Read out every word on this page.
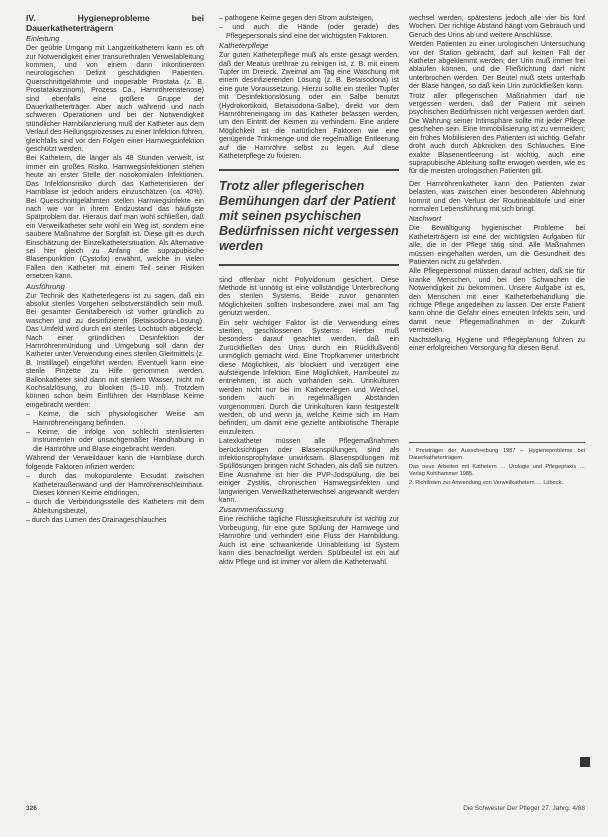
IV. Hygieneprobleme bei Dauerkatheterträgern

Einleitung

Der geübte Umgang mit Langzeitkathetern kann es oft zur Notwendigkeit einer transurethralen Verweilableitung kommen, und von einem dann inkontinenten neurologischen Defizit geschädigten Patienten. Querschnittgelähmte und inoperable Prostata (z. B. Prostatakarzinom), Prozess Ca., Harnröhrenstenose) sind ebenfalls eine größere Gruppe der Dauerkatheterträger. Aber auch während und nach schweren Operationen und bei der Notwendigkeit stündlicher Harnbilanzierung muß der Katheter aus dem Verlauf des Heilungsprozesses zu einer Infektion führen, gleichfalls sind vor den Folgen einer Harnwegsinfektion geschützt werden.

Bei Kathetern, die länger als 48 Stunden verweilt, ist immer ein großes Risiko. Harnwegsinfektionen stehen heute an erster Stelle der nosokomialen Infektionen. Das Infektionsrisiko durch das Katheterisieren der Harnblase ist jedoch anders einzuschätzen (ca. 40%). Bei Querschnittgelähmten stellen Harnwegsinfekte ein nach wie vor in ihrem Endzustand das häufigste Spätproblem dar. Hieraus darf man wohl schließen, daß ein Verweilkatheter sehr wohl ein Weg ist, sondern eine saubere Maßnahme der Sorgfalt ist. Diese gilt es durch Einschätzung der Einzelkathetersituation. Als Alternative sei hier gleich zu Anfang die suprapubische Blasenpunktion (Cystofix) erwähnt, welche in vielen Fällen den Katheter mit einem Teil seiner Risiken ersetzen kann.

Ausführung

Zur Technik des Katheterlegens ist zu sagen, daß ein absolut steriles Vorgehen selbstverständlich sein muß. Bei gesamter Genitalbereich ist vorher gründlich zu waschen und zu desinfizieren (Betaisodona-Lösung). Das Umfeld wird durch ein steriles Lochtuch abgedeckt. Nach einer gründlichen Desinfektion der Harnröhrenmündung und Umgebung soll dann der Katheter unter Verwendung eines sterilen Gleitmittels (z. B. Instillagel) eingeführt werden. Eventuell kann eine sterile Pinzette zu Hilfe genommen werden. Ballonkatheter sind dann mit sterilem Wasser, nicht mit Kochsalzlösung, zu blocken (5–10 ml). Trotzdem können schon beim Einführen der Harnblase Keime eingebracht werden:

– Keime, die sich physiologischer Weise am Harnröhreneingang befinden.

– Keime, die infolge von schlecht sterilisierten Instrumenten oder unsachgemäßer Handhabung in die Harnröhre und Blase eingebracht werden.

Während der Verweildauer kann die Harnblase durch folgende Faktoren infiziert werden:

– durch das mukopurulente Exsudat zwischen Katheteraußenwand und der Harnröhrenschleimhaut. Dieses können Keime eindringen,

– durch die Verbindungsstelle des Katheters mit dem Ableitungsbeutel,

– durch das Lumen des Drainageschlauches

– pathogene Keime gegen den Strom aufsteigen,

– und auch die Hände (oder gerade) des Pflegepersonals sind eine der wichtigsten Faktoren.

Katheterpflege

Zur guten Katheterpflege muß als erste gesagt werden, daß der Meatus urethrae zu reinigen ist, z. B. mit einem Tupfer im Dreieck. Zweimal am Tag eine Waschung mit einem desinfizierenden Lösung (z. B. Betaisodona) ist eine gute Voraussetzung. Hierzu sollte ein steriler Tupfer mit Desinfektionslösung oder ein Salbe benutzt (Hydrokortikoid, Betaisodona-Salbe), direkt vor dem Harnröhreneingang im das Katheter belassen werden, um den Eintritt der Keimen zu verhindern. Eine andere Möglichkeit ist die natürlichen Faktoren wie eine genügende Trinkmenge und die regelmäßige Entleerung auf die Harnröhre selbst zu legen. Auf diese Katheterpflege zu fixieren.

Trotz aller pflegerischen Bemühungen darf der Patient mit seinen psychischen Bedürfnissen nicht vergessen werden

sind offenbar nicht Polyvidonum gesichert. Diese Methode ist unnötig ist eine vollständige Unterbrechung des sterilen Systems. Beide zuvor genannten Möglichkeiten sollten insbesondere zwei mal am Tag genutzt werden.

Ein sehr wichtiger Faktor ist die Verwendung eines sterilen, geschlossenen Systems. Hierbei muß besonders darauf geachtet werden, daß ein Zurückfließen des Urins durch ein Rückflußventil unmöglich gemacht wird. Eine Tropfkammer unterbricht diese Möglichkeit, als blockiert und verzögert eine aufsteigende Infektion. Eine Möglichkeit, Harnbeutel zu entnehmen, ist auch vorhanden sein. Urinkulturen werden nicht nur bei im Katheterlegen und Wechsel, sondern auch in regelmäßigen Abständen vorgenommen. Durch die Urinkulturen kann festgestellt werden, ob und wenn ja, welche Keime sich im Harn befinden, um damit eine gezielte antibiotische Therapie einzuleiten.

Latexkatheter müssen alle Pflegemaßnahmen berücksichtigen oder Blasenspülungen, sind als infektionsprophylaxe unwirksam. Blasenspülungen mit Spüllösungen bringen nicht Schaden, als daß sie nutzen. Eine Ausnahme ist hier die PVP-Jodspülung, die bei einiger Zystitis, chronischen Harnwegsinfekten und langwierigen Verweilkatheterwechsel angewandt werden kann.

Zusammenfassung

Eine reichliche tägliche Flüssigkeitszufuhr ist wichtig zur Vorbeugung, für eine gute Spülung der Harnwege und Harnröhre und verhindert eine Fluss der Harnbildung. Auch ist eine schwankende Urinableitung ist System kann dies benachteiligt werden. Spülbeutel ist ein auf aktiv Pflege und ist immer vor allem die Katheterwahl.

wechsel werden, spätestens jedoch alle vier bis fünf Wochen. Der richtige Abstand hängt vom Gebrauch und Geruch des Urins ab und weitere Anschlüsse.

Werden Patienten zu einer urologischen Untersuchung vor der Station gebracht, darf auf keinen Fall der Katheter abgeklemmt werden; der Urin muß immer frei ablaufen können, und die Fließrichtung darf nicht unterbrochen werden. Der Beutel muß stets unterhalb der Blase hängen, so daß kein Urin zurückfließen kann.

Trotz aller pflegerischen Maßnahmen darf nie vergessen werden, daß der Patient mit seinen psychischen Bedürfnissen nicht vergessen werden darf. Die Wahrung seiner Intimsphäre sollte mit jeder Pflege geschehen sein. Eine Immobilisierung ist zu vermeiden; ein frühes Mobilisieren des Patienten ist wichtig. Gefahr droht auch durch Abknicken des Schlauches. Eine exakte Blasenentleerung ist wichtig, auch eine suprapubische Ableitung sollte erwogen werden, wie es für die meisten urologischen Patienten gilt.

Der Harnröhrenkatheter kann den Patienten zwar belasten, was zwischen einer besonderen Ablehnung kommt und den Verlust der Routineabläufe und einer normalen Lebensführung mit sich bringt.

Nachwort

Die Bewältigung hygienischer Probleme bei Katheterträgern ist eine der wichtigsten Aufgaben für alle, die in der Pflege tätig sind. Alle Maßnahmen müssen eingehalten werden, um die Gesundheit des Patienten nicht zu gefährden.

Alle Pflegepersonal müssen darauf achten, daß sie für kranke Menschen, und bei den Schwachen die Notwendigkeit zu bekommen. Unsere Aufgabe ist es, den Menschen mit einer Katheterbehandlung die richtige Pflege angedeihen zu lassen. Der erste Patient kann ohne die Gefahr eines erneuten Infekts sein, und damit neue Pflegemaßnahmen in der Zukunft vermeiden.

Nachstellung, Hygiene und Pflegeplanung führen zu einer erfolgreichen Versorgung für diesen Beruf.

¹ Preisträger der Ausschreibung 1987 – Hygieneprobleme bei Dauerkatheterträgern.

Das neue Arbeiten mit Kathetern … Urologie und Pflegepraxis … Verlag Kohlhammer 1985.

2. Richtlinien zur Anwendung von Verweilkathetern … Lübeck.

326	Die Schwester Der Pfleger 27. Jahrg. 4/88
